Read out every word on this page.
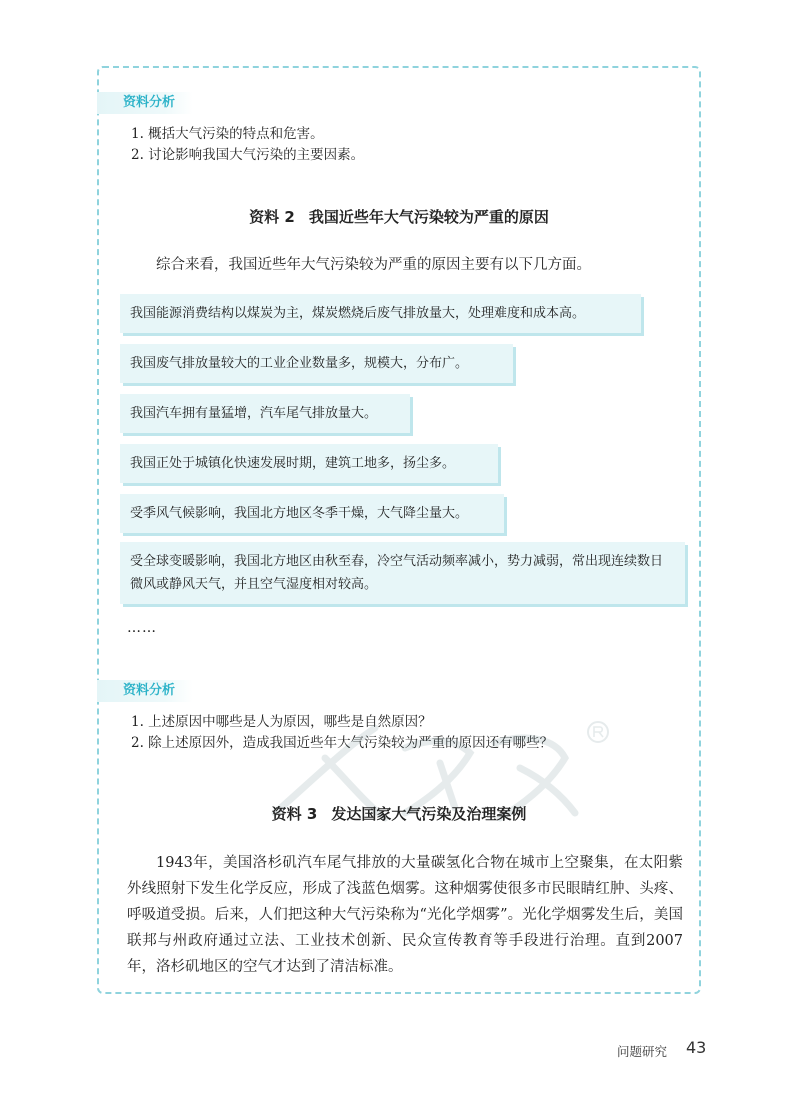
资料分析
1. 概括大气污染的特点和危害。
2. 讨论影响我国大气污染的主要因素。
资料 2 我国近些年大气污染较为严重的原因
综合来看，我国近些年大气污染较为严重的原因主要有以下几方面。
我国能源消费结构以煤炭为主，煤炭燃烧后废气排放量大，处理难度和成本高。
我国废气排放量较大的工业企业数量多，规模大，分布广。
我国汽车拥有量猛增，汽车尾气排放量大。
我国正处于城镇化快速发展时期，建筑工地多，扬尘多。
受季风气候影响，我国北方地区冬季干燥，大气降尘量大。
受全球变暖影响，我国北方地区由秋至春，冷空气活动频率减小，势力减弱，常出现连续数日微风或静风天气，并且空气湿度相对较高。
……
资料分析
1. 上述原因中哪些是人为原因，哪些是自然原因？
2. 除上述原因外，造成我国近些年大气污染较为严重的原因还有哪些？
资料 3 发达国家大气污染及治理案例
1943年，美国洛杉矶汽车尾气排放的大量碳氢化合物在城市上空聚集，在太阳紫外线照射下发生化学反应，形成了浅蓝色烟雾。这种烟雾使很多市民眼睛红肿、头疼、呼吸道受损。后来，人们把这种大气污染称为“光化学烟雾”。光化学烟雾发生后，美国联邦与州政府通过立法、工业技术创新、民众宣传教育等手段进行治理。直到2007年，洛杉矶地区的空气才达到了清洁标准。
问题研究 43
